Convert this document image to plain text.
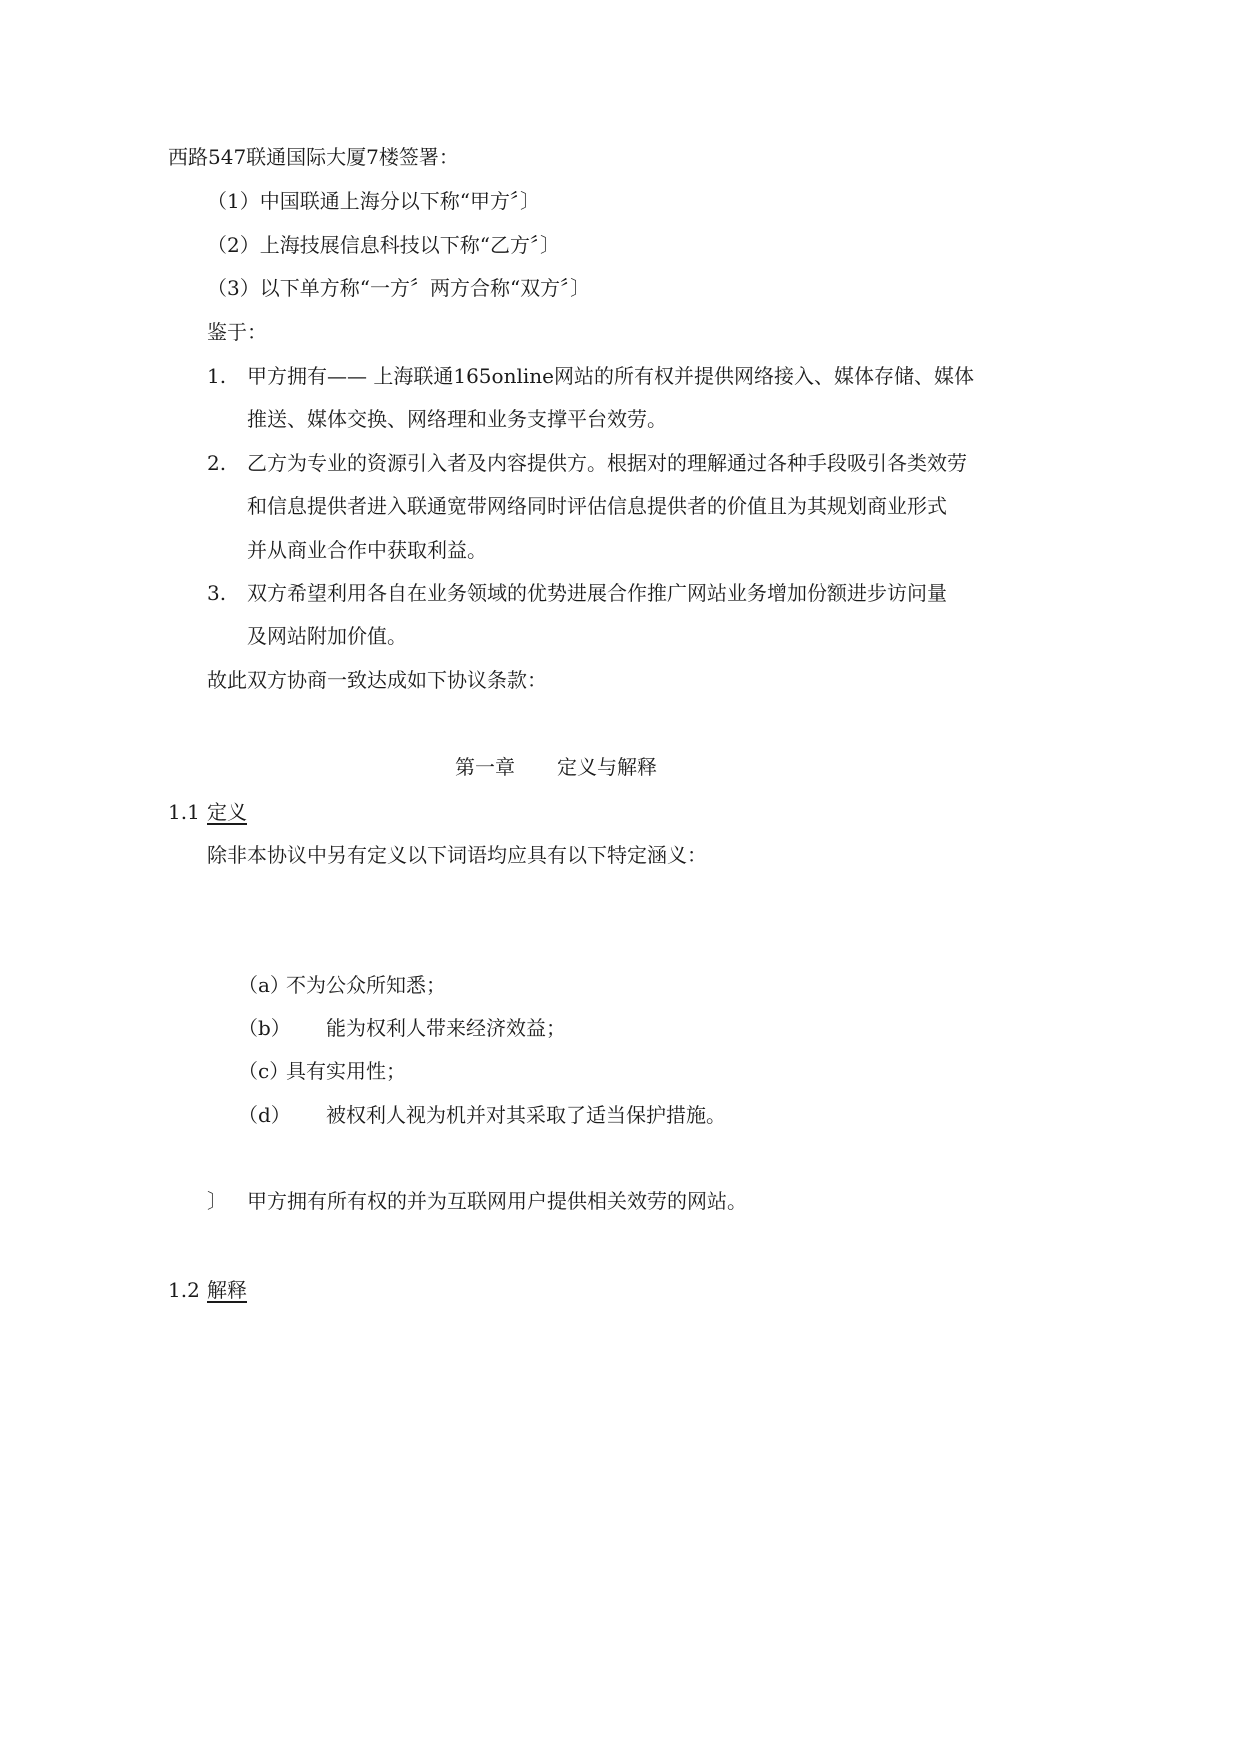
西路547联通国际大厦7楼签署：
（1）中国联通上海分以下称“甲方〞〕
（2）上海技展信息科技以下称“乙方〞〕
（3）以下单方称“一方〞两方合称“双方〞〕
鉴于：
1. 甲方拥有—— 上海联通165online网站的所有权并提供网络接入、媒体存储、媒体
推送、媒体交换、网络理和业务支撑平台效劳。
2. 乙方为专业的资源引入者及内容提供方。根据对的理解通过各种手段吸引各类效劳
和信息提供者进入联通宽带网络同时评估信息提供者的价值且为其规划商业形式
并从商业合作中获取利益。
3. 双方希望利用各自在业务领域的优势进展合作推广网站业务增加份额进步访问量
及网站附加价值。
故此双方协商一致达成如下协议条款：
第一章 定义与解释
1.1 定义
除非本协议中另有定义以下词语均应具有以下特定涵义：
（a）
不为公众所知悉；
（b） 能为权利人带来经济效益；
（c）
具有实用性；
（d） 被权利人视为机并对其采取了适当保护措施。
〕 甲方拥有所有权的并为互联网用户提供相关效劳的网站。
1.2 解释
